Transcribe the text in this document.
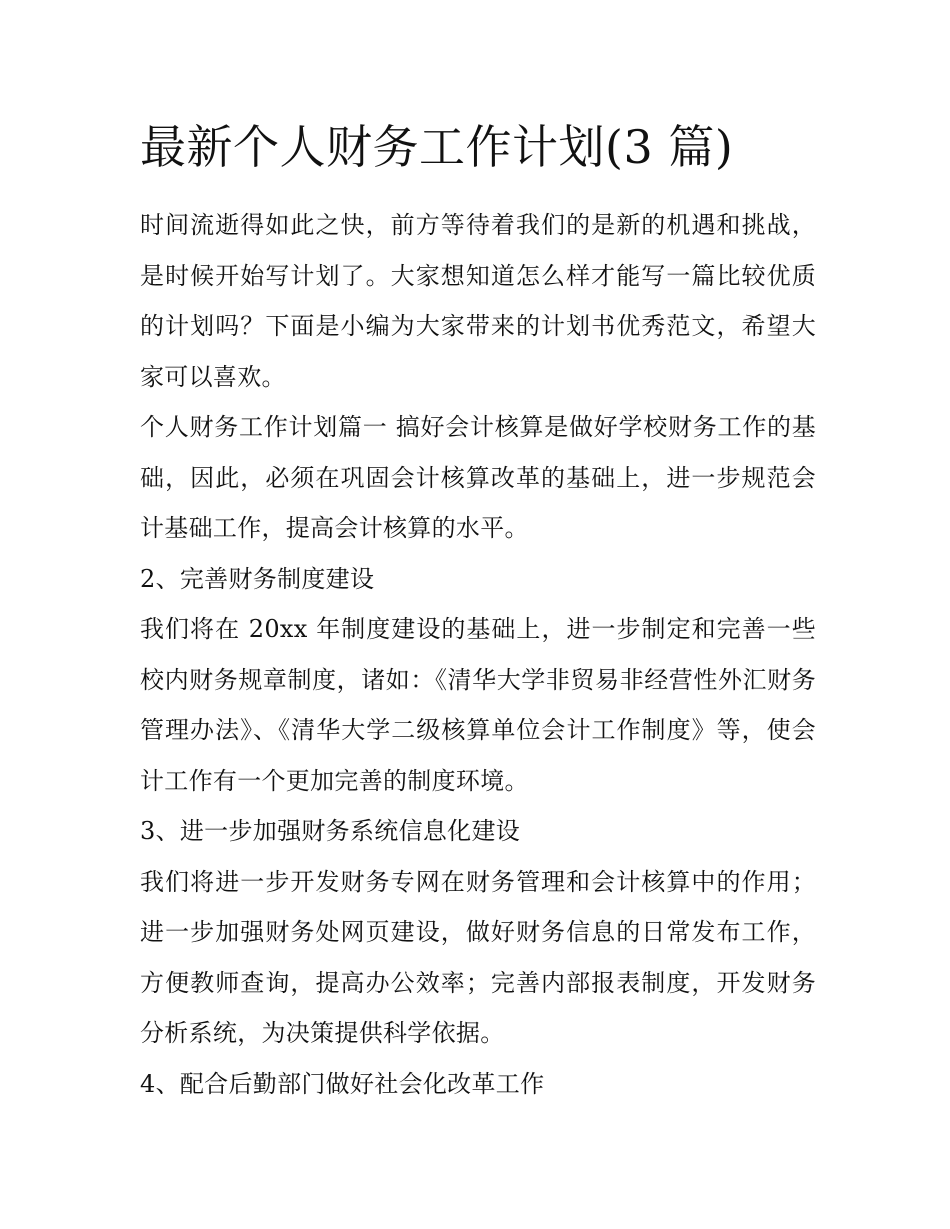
最新个人财务工作计划(3 篇)

时间流逝得如此之快，前方等待着我们的是新的机遇和挑战，是时候开始写计划了。大家想知道怎么样才能写一篇比较优质的计划吗？下面是小编为大家带来的计划书优秀范文，希望大家可以喜欢。

个人财务工作计划篇一 搞好会计核算是做好学校财务工作的基础，因此，必须在巩固会计核算改革的基础上，进一步规范会计基础工作，提高会计核算的水平。

2、完善财务制度建设

我们将在 20xx 年制度建设的基础上，进一步制定和完善一些校内财务规章制度，诸如：《清华大学非贸易非经营性外汇财务管理办法》、《清华大学二级核算单位会计工作制度》等，使会计工作有一个更加完善的制度环境。

3、进一步加强财务系统信息化建设

我们将进一步开发财务专网在财务管理和会计核算中的作用；进一步加强财务处网页建设，做好财务信息的日常发布工作，方便教师查询，提高办公效率；完善内部报表制度，开发财务分析系统，为决策提供科学依据。

4、配合后勤部门做好社会化改革工作
